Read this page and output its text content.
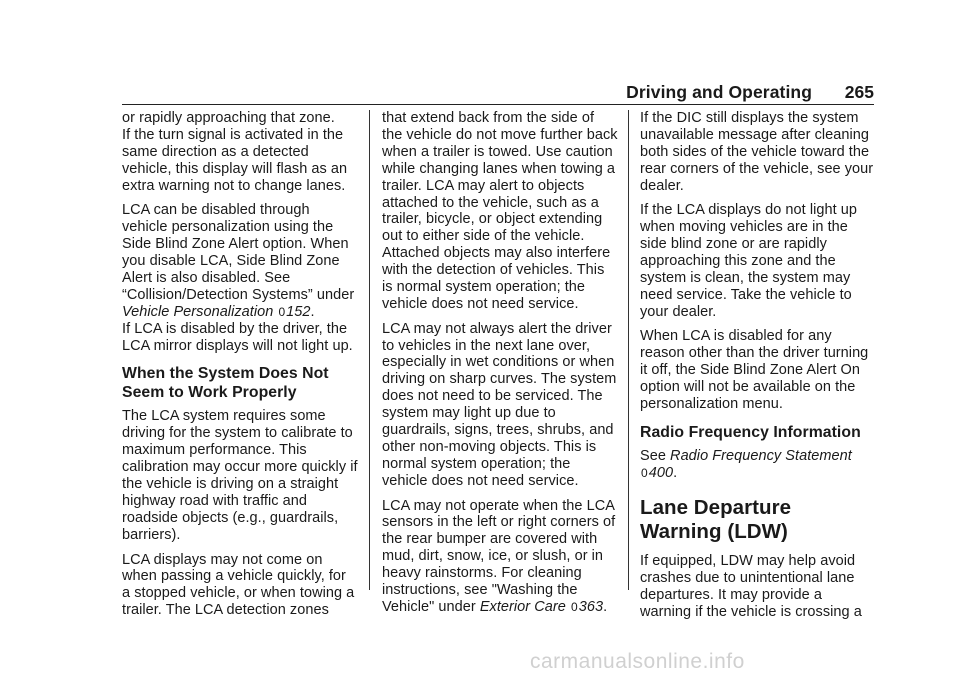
Driving and Operating 265

or rapidly approaching that zone.

If the turn signal is activated in the same direction as a detected vehicle, this display will flash as an extra warning not to change lanes.

LCA can be disabled through vehicle personalization using the Side Blind Zone Alert option. When you disable LCA, Side Blind Zone Alert is also disabled. See “Collision/Detection Systems” under Vehicle Personalization 0152.

If LCA is disabled by the driver, the LCA mirror displays will not light up.

When the System Does Not Seem to Work Properly

The LCA system requires some driving for the system to calibrate to maximum performance. This calibration may occur more quickly if the vehicle is driving on a straight highway road with traffic and roadside objects (e.g., guardrails, barriers).

LCA displays may not come on when passing a vehicle quickly, for a stopped vehicle, or when towing a trailer. The LCA detection zones

that extend back from the side of the vehicle do not move further back when a trailer is towed. Use caution while changing lanes when towing a trailer. LCA may alert to objects attached to the vehicle, such as a trailer, bicycle, or object extending out to either side of the vehicle. Attached objects may also interfere with the detection of vehicles. This is normal system operation; the vehicle does not need service.

LCA may not always alert the driver to vehicles in the next lane over, especially in wet conditions or when driving on sharp curves. The system does not need to be serviced. The system may light up due to guardrails, signs, trees, shrubs, and other non-moving objects. This is normal system operation; the vehicle does not need service.

LCA may not operate when the LCA sensors in the left or right corners of the rear bumper are covered with mud, dirt, snow, ice, or slush, or in heavy rainstorms. For cleaning instructions, see "Washing the Vehicle" under Exterior Care 0363.

If the DIC still displays the system unavailable message after cleaning both sides of the vehicle toward the rear corners of the vehicle, see your dealer.

If the LCA displays do not light up when moving vehicles are in the side blind zone or are rapidly approaching this zone and the system is clean, the system may need service. Take the vehicle to your dealer.

When LCA is disabled for any reason other than the driver turning it off, the Side Blind Zone Alert On option will not be available on the personalization menu.

Radio Frequency Information

See Radio Frequency Statement
0400.

Lane Departure Warning (LDW)

If equipped, LDW may help avoid crashes due to unintentional lane departures. It may provide a warning if the vehicle is crossing a

carmanualsonline.info
